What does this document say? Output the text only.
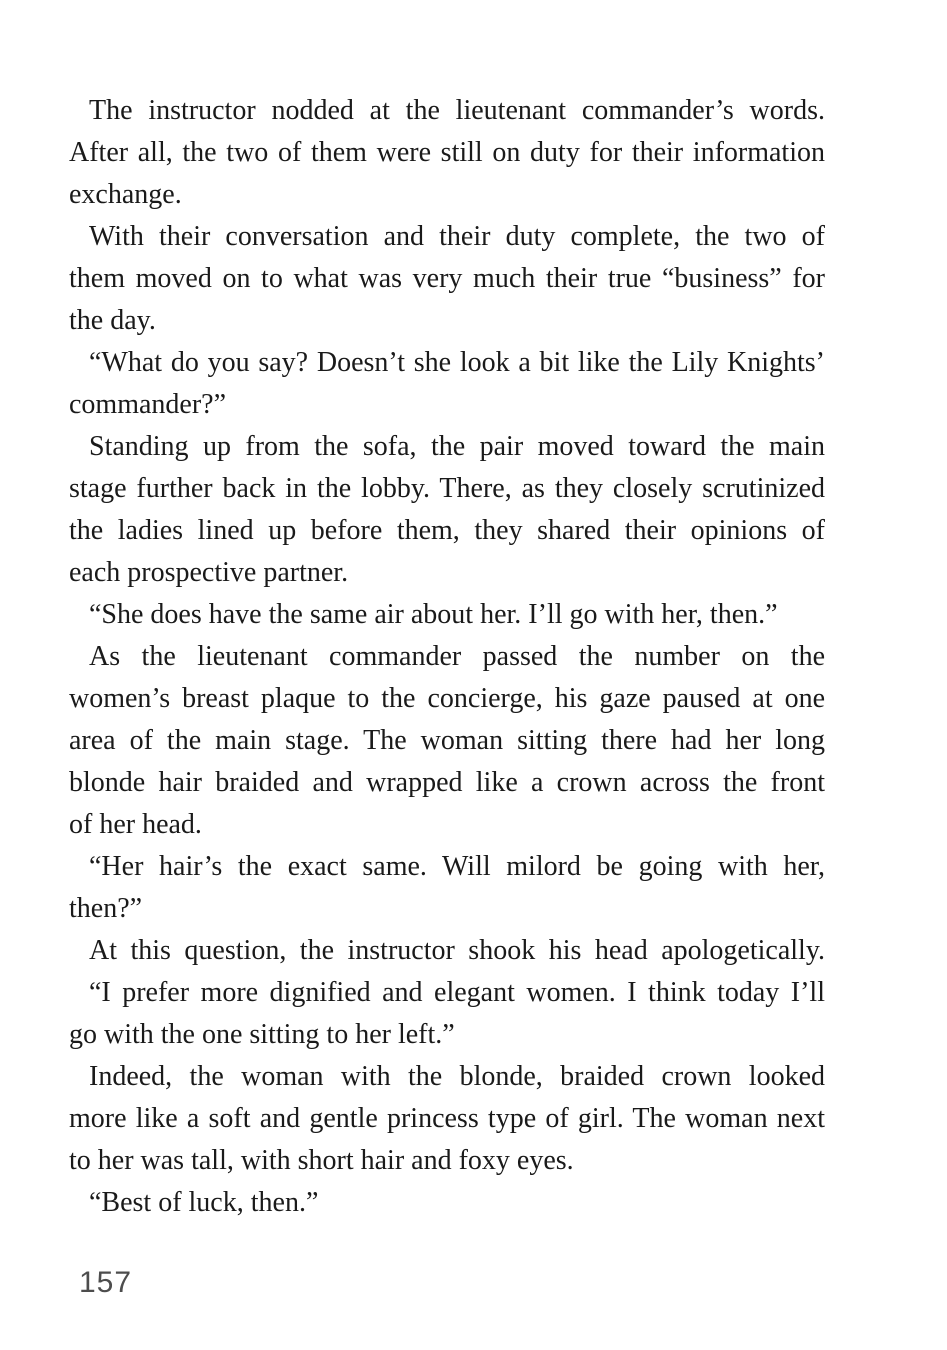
The instructor nodded at the lieutenant commander’s words.
After all, the two of them were still on duty for their information
exchange.
With their conversation and their duty complete, the two of
them moved on to what was very much their true “business” for
the day.
“What do you say? Doesn’t she look a bit like the Lily Knights’
commander?”
Standing up from the sofa, the pair moved toward the main
stage further back in the lobby. There, as they closely scrutinized
the ladies lined up before them, they shared their opinions of
each prospective partner.
“She does have the same air about her. I’ll go with her, then.”
As the lieutenant commander passed the number on the
women’s breast plaque to the concierge, his gaze paused at one
area of the main stage. The woman sitting there had her long
blonde hair braided and wrapped like a crown across the front
of her head.
“Her hair’s the exact same. Will milord be going with her,
then?”
At this question, the instructor shook his head apologetically.
“I prefer more dignified and elegant women. I think today I’ll
go with the one sitting to her left.”
Indeed, the woman with the blonde, braided crown looked
more like a soft and gentle princess type of girl. The woman next
to her was tall, with short hair and foxy eyes.
“Best of luck, then.”
157
